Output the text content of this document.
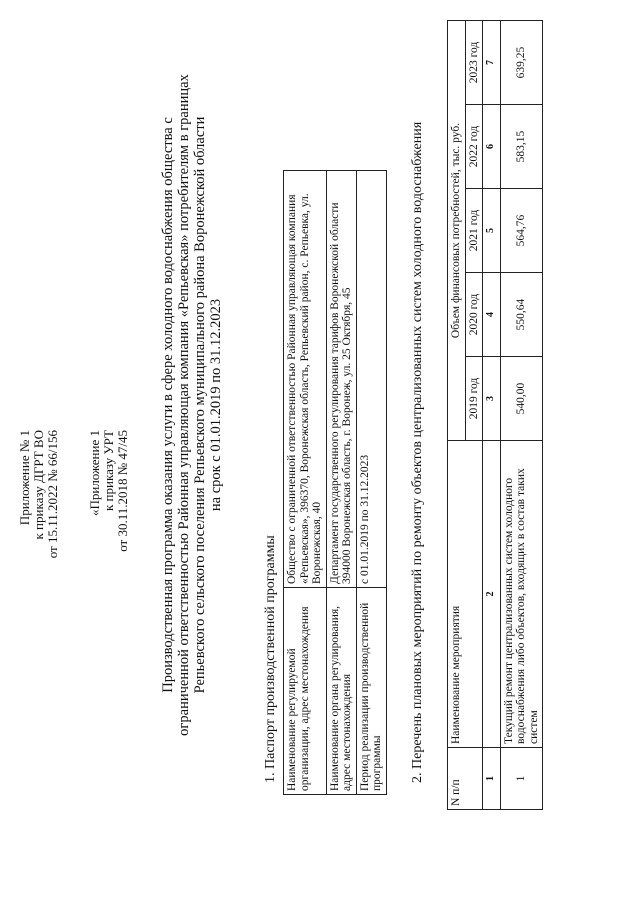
Приложение № 1 к приказу ДГРТ ВО от 15.11.2022 № 66/156 «Приложение 1 к приказу УРТ от 30.11.2018 № 47/45 Производственная программа оказания услуги в сфере холодного водоснабжения общества с ограниченной ответственностью Районная управляющая компания «Репьевская» потребителям в границах Репьевского сельского поселения Репьевского муниципального района Воронежской области на срок с 01.01.2019 по 31.12.2023
1. Паспорт производственной программы Наименование регулируемой организации, адрес местонахождения	Общество с ограниченной ответственностью Районная управляющая компания «Репьевская», 396370, Воронежская область, Репьевский район, с. Репьевка, ул. Воронежская, 40
Наименование органа регулирования, адрес местонахождения	Департамент государственного регулирования тарифов Воронежской области 394000 Воронежская область, г. Воронеж, ул. 25 Октября, 45
Период реализации производственной программы	с 01.01.2019 по 31.12.2023	2. Перечень плановых мероприятий по ремонту объектов централизованных систем холодного водоснабжения
N п/п	Наименование мероприятия	Объем финансовых потребностей, тыс. руб.				
		2019 год	2020 год	2021 год	2022 год	2023 год
1	2	3	4	5	6	7
1	Текущий ремонт централизованных систем холодного водоснабжения либо объектов, входящих в состав таких систем	540,00	550,64	564,76	583,15	639,25
